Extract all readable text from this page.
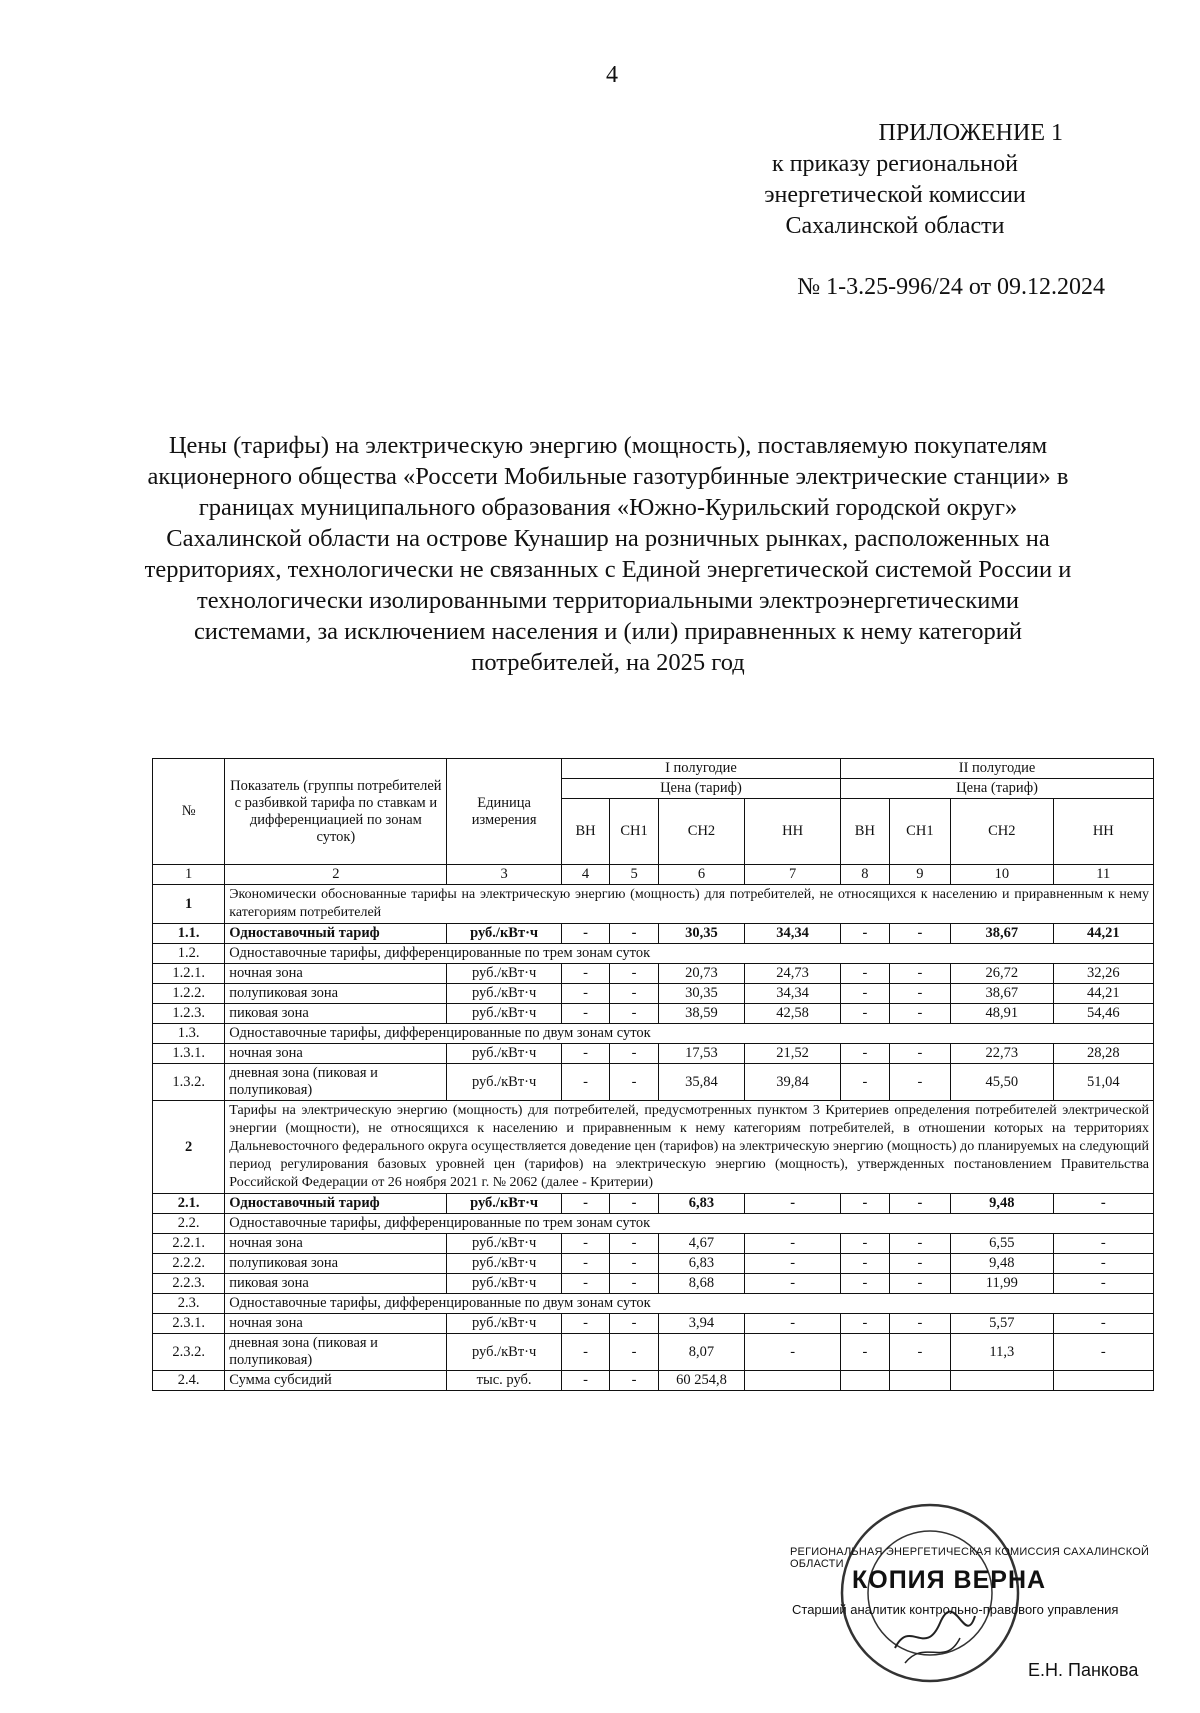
4
ПРИЛОЖЕНИЕ 1
к приказу региональной
энергетической комиссии
Сахалинской области
№ 1-3.25-996/24 от 09.12.2024
Цены (тарифы) на электрическую энергию (мощность), поставляемую покупателям акционерного общества «Россети Мобильные газотурбинные электрические станции» в границах муниципального образования «Южно-Курильский городской округ» Сахалинской области на острове Кунашир на розничных рынках, расположенных на территориях, технологически не связанных с Единой энергетической системой России и технологически изолированными территориальными электроэнергетическими системами, за исключением населения и (или) приравненных к нему категорий потребителей, на 2025 год
№	Показатель (группы потребителей с разбивкой тарифа по ставкам и дифференциацией по зонам суток)	Единица измерения	I полугодие				II полугодие			
			Цена (тариф)				Цена (тариф)			
			ВН	СН1	СН2	НН	ВН	СН1	СН2	НН
1	2	3	4	5	6	7	8	9	10	11
1	Экономически обоснованные тарифы на электрическую энергию (мощность) для потребителей, не относящихся к населению и приравненным к нему категориям потребителей									
1.1.	Одноставочный тариф	руб./кВт·ч	-	-	30,35	34,34	-	-	38,67	44,21
1.2.	Одноставочные тарифы, дифференцированные по трем зонам суток									
1.2.1.	ночная зона	руб./кВт·ч	-	-	20,73	24,73	-	-	26,72	32,26
1.2.2.	полупиковая зона	руб./кВт·ч	-	-	30,35	34,34	-	-	38,67	44,21
1.2.3.	пиковая зона	руб./кВт·ч	-	-	38,59	42,58	-	-	48,91	54,46
1.3.	Одноставочные тарифы, дифференцированные по двум зонам суток									
1.3.1.	ночная зона	руб./кВт·ч	-	-	17,53	21,52	-	-	22,73	28,28
1.3.2.	дневная зона (пиковая и полупиковая)	руб./кВт·ч	-	-	35,84	39,84	-	-	45,50	51,04
2	Тарифы на электрическую энергию (мощность) для потребителей, предусмотренных пунктом 3 Критериев определения потребителей электрической энергии (мощности), не относящихся к населению и приравненным к нему категориям потребителей, в отношении которых на территориях Дальневосточного федерального округа осуществляется доведение цен (тарифов) на электрическую энергию (мощность) до планируемых на следующий период регулирования базовых уровней цен (тарифов) на электрическую энергию (мощность), утвержденных постановлением Правительства Российской Федерации от 26 ноября 2021 г. № 2062 (далее - Критерии)									
2.1.	Одноставочный тариф	руб./кВт·ч	-	-	6,83	-	-	-	9,48	-
2.2.	Одноставочные тарифы, дифференцированные по трем зонам суток									
2.2.1.	ночная зона	руб./кВт·ч	-	-	4,67	-	-	-	6,55	-
2.2.2.	полупиковая зона	руб./кВт·ч	-	-	6,83	-	-	-	9,48	-
2.2.3.	пиковая зона	руб./кВт·ч	-	-	8,68	-	-	-	11,99	-
2.3.	Одноставочные тарифы, дифференцированные по двум зонам суток									
2.3.1.	ночная зона	руб./кВт·ч	-	-	3,94	-	-	-	5,57	-
2.3.2.	дневная зона (пиковая и полупиковая)	руб./кВт·ч	-	-	8,07	-	-	-	11,3	-
2.4.	Сумма субсидий	тыс. руб.	-	-	60 254,8					
РЕГИОНАЛЬНАЯ ЭНЕРГЕТИЧЕСКАЯ КОМИССИЯ САХАЛИНСКОЙ ОБЛАСТИ
КОПИЯ ВЕРНА
Старший аналитик контрольно-правового управления
Е.Н. Панкова
